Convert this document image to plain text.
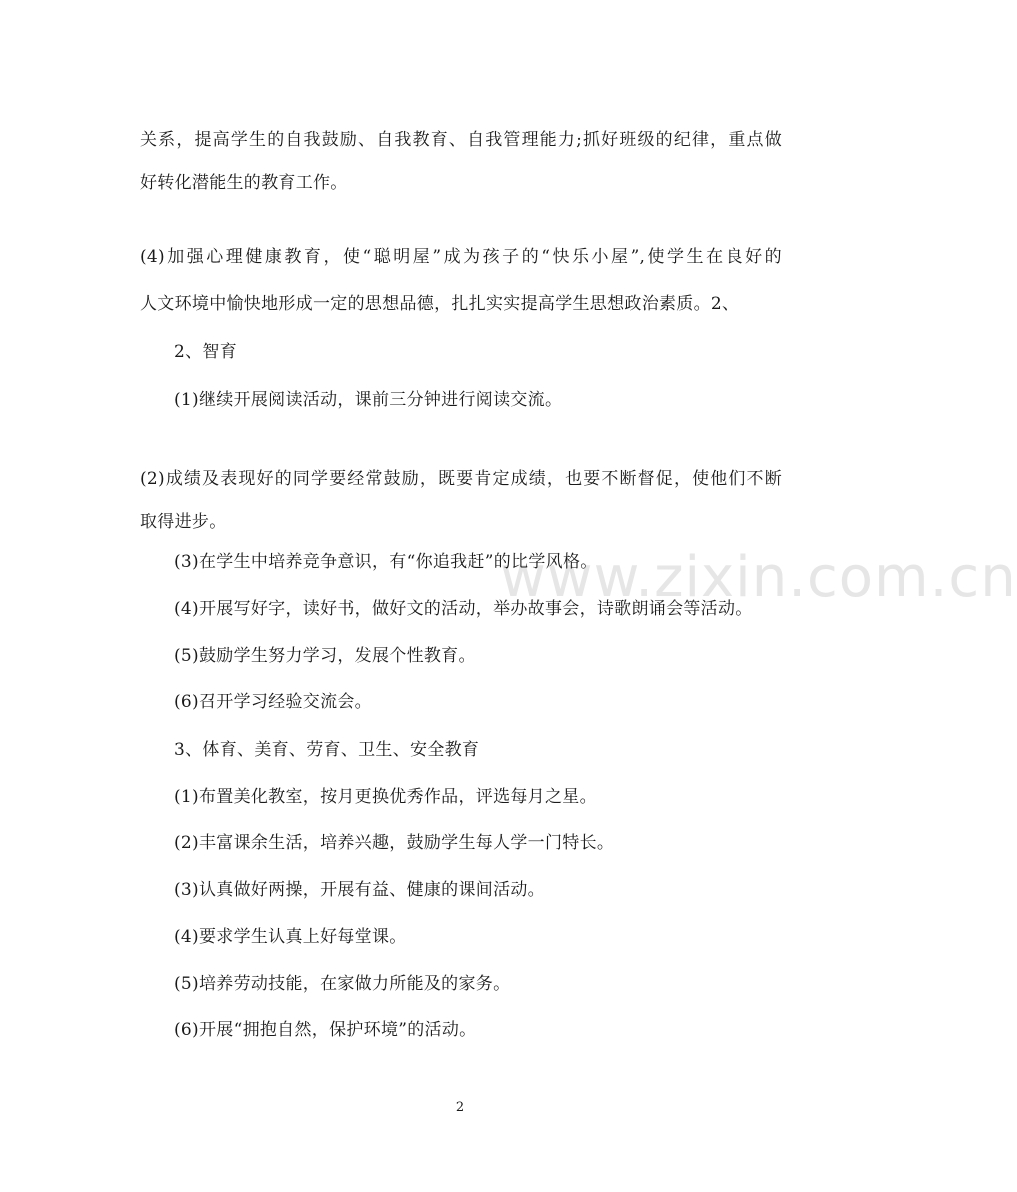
www.zixin.com.cn
关系，提高学生的自我鼓励、自我教育、自我管理能力;抓好班级的纪律，重点做
好转化潜能生的教育工作。
(4)加强心理健康教育，使“聪明屋”成为孩子的“快乐小屋”,使学生在良好的
人文环境中愉快地形成一定的思想品德，扎扎实实提高学生思想政治素质。2、
2、智育
(1)继续开展阅读活动，课前三分钟进行阅读交流。
(2)成绩及表现好的同学要经常鼓励，既要肯定成绩，也要不断督促，使他们不断
取得进步。
(3)在学生中培养竞争意识，有“你追我赶”的比学风格。
(4)开展写好字，读好书，做好文的活动，举办故事会，诗歌朗诵会等活动。
(5)鼓励学生努力学习，发展个性教育。
(6)召开学习经验交流会。
3、体育、美育、劳育、卫生、安全教育
(1)布置美化教室，按月更换优秀作品，评选每月之星。
(2)丰富课余生活，培养兴趣，鼓励学生每人学一门特长。
(3)认真做好两操，开展有益、健康的课间活动。
(4)要求学生认真上好每堂课。
(5)培养劳动技能，在家做力所能及的家务。
(6)开展“拥抱自然，保护环境”的活动。
2
